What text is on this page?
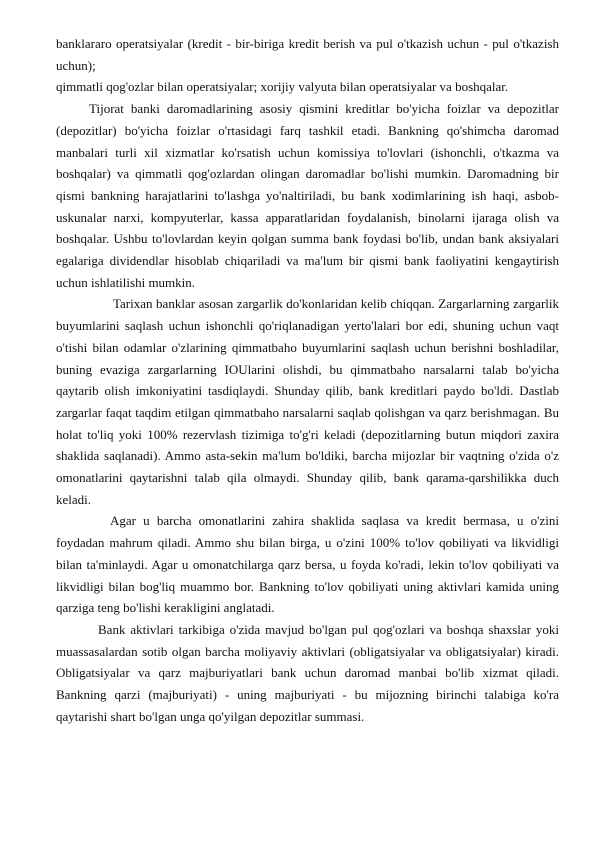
banklararo operatsiyalar (kredit - bir-biriga kredit berish va pul o'tkazish uchun - pul o'tkazish uchun);

qimmatli qog'ozlar bilan operatsiyalar; xorijiy valyuta bilan operatsiyalar va boshqalar.

Tijorat banki daromadlarining asosiy qismini kreditlar bo'yicha foizlar va depozitlar (depozitlar) bo'yicha foizlar o'rtasidagi farq tashkil etadi. Bankning qo'shimcha daromad manbalari turli xil xizmatlar ko'rsatish uchun komissiya to'lovlari (ishonchli, o'tkazma va boshqalar) va qimmatli qog'ozlardan olingan daromadlar bo'lishi mumkin. Daromadning bir qismi bankning harajatlarini to'lashga yo'naltiriladi, bu bank xodimlarining ish haqi, asbob-uskunalar narxi, kompyuterlar, kassa apparatlaridan foydalanish, binolarni ijaraga olish va boshqalar. Ushbu to'lovlardan keyin qolgan summa bank foydasi bo'lib, undan bank aksiyalari egalariga dividendlar hisoblab chiqariladi va ma'lum bir qismi bank faoliyatini kengaytirish uchun ishlatilishi mumkin.

Tarixan banklar asosan zargarlik do'konlaridan kelib chiqqan. Zargarlarning zargarlik buyumlarini saqlash uchun ishonchli qo'riqlanadigan yerto'lalari bor edi, shuning uchun vaqt o'tishi bilan odamlar o'zlarining qimmatbaho buyumlarini saqlash uchun berishni boshladilar, buning evaziga zargarlarning IOUlarini olishdi, bu qimmatbaho narsalarni talab bo'yicha qaytarib olish imkoniyatini tasdiqlaydi. Shunday qilib, bank kreditlari paydo bo'ldi. Dastlab zargarlar faqat taqdim etilgan qimmatbaho narsalarni saqlab qolishgan va qarz berishmagan. Bu holat to'liq yoki 100% rezervlash tizimiga to'g'ri keladi (depozitlarning butun miqdori zaxira shaklida saqlanadi). Ammo asta-sekin ma'lum bo'ldiki, barcha mijozlar bir vaqtning o'zida o'z omonatlarini qaytarishni talab qila olmaydi. Shunday qilib, bank qarama-qarshilikka duch keladi.

Agar u barcha omonatlarini zahira shaklida saqlasa va kredit bermasa, u o'zini foydadan mahrum qiladi. Ammo shu bilan birga, u o'zini 100% to'lov qobiliyati va likvidligi bilan ta'minlaydi. Agar u omonatchilarga qarz bersa, u foyda ko'radi, lekin to'lov qobiliyati va likvidligi bilan bog'liq muammo bor. Bankning to'lov qobiliyati uning aktivlari kamida uning qarziga teng bo'lishi kerakligini anglatadi.

Bank aktivlari tarkibiga o'zida mavjud bo'lgan pul qog'ozlari va boshqa shaxslar yoki muassasalardan sotib olgan barcha moliyaviy aktivlari (obligatsiyalar va obligatsiyalar) kiradi. Obligatsiyalar va qarz majburiyatlari bank uchun daromad manbai bo'lib xizmat qiladi. Bankning qarzi (majburiyati) - uning majburiyati - bu mijozning birinchi talabiga ko'ra qaytarishi shart bo'lgan unga qo'yilgan depozitlar summasi.
